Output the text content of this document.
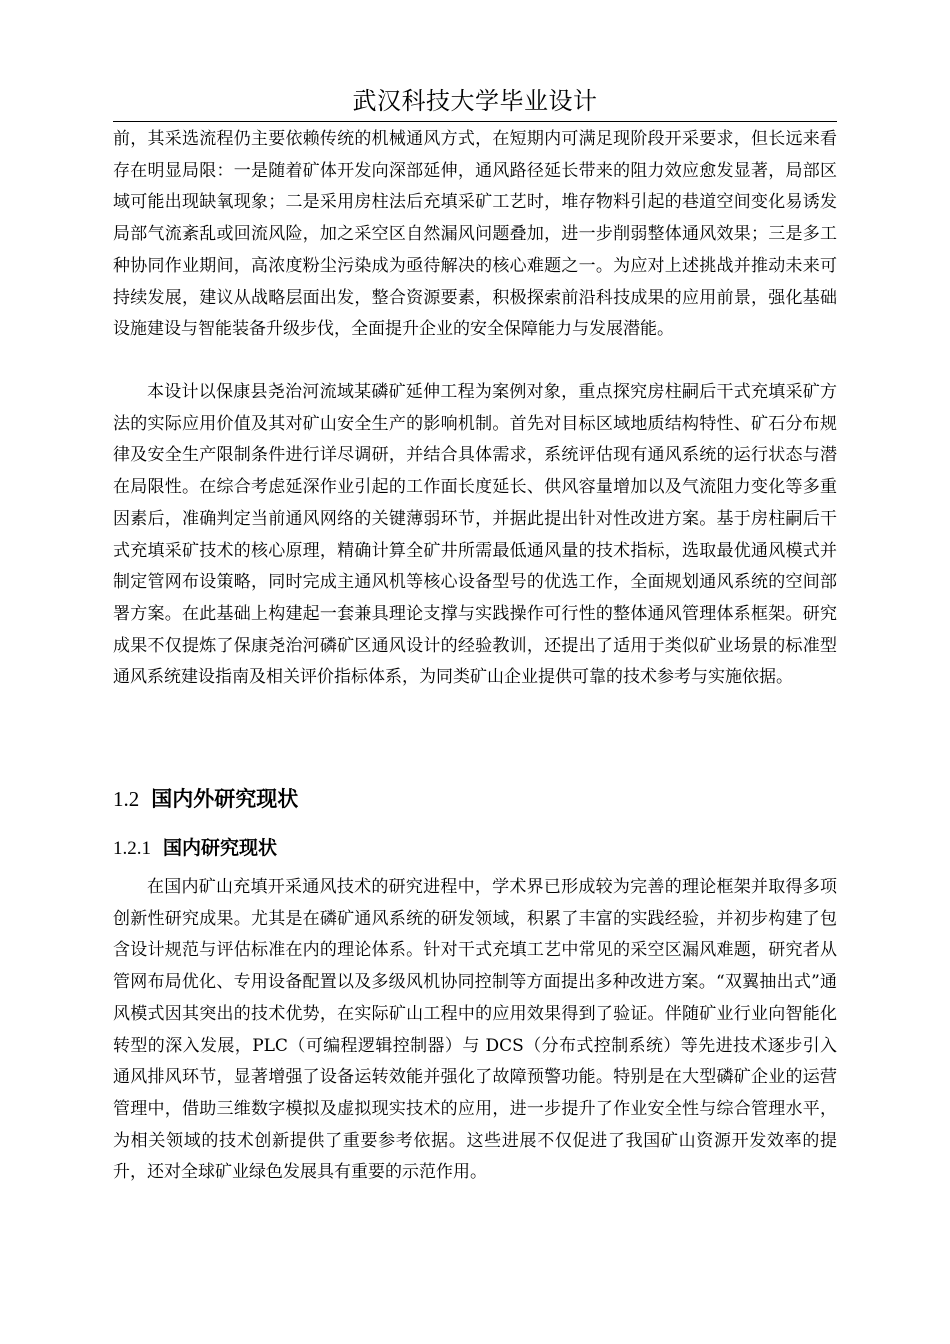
武汉科技大学毕业设计

前，其采选流程仍主要依赖传统的机械通风方式，在短期内可满足现阶段开采要求，但长远来看存在明显局限：一是随着矿体开发向深部延伸，通风路径延长带来的阻力效应愈发显著，局部区域可能出现缺氧现象；二是采用房柱法后充填采矿工艺时，堆存物料引起的巷道空间变化易诱发局部气流紊乱或回流风险，加之采空区自然漏风问题叠加，进一步削弱整体通风效果；三是多工种协同作业期间，高浓度粉尘污染成为亟待解决的核心难题之一。为应对上述挑战并推动未来可持续发展，建议从战略层面出发，整合资源要素，积极探索前沿科技成果的应用前景，强化基础设施建设与智能装备升级步伐，全面提升企业的安全保障能力与发展潜能。

本设计以保康县尧治河流域某磷矿延伸工程为案例对象，重点探究房柱嗣后干式充填采矿方法的实际应用价值及其对矿山安全生产的影响机制。首先对目标区域地质结构特性、矿石分布规律及安全生产限制条件进行详尽调研，并结合具体需求，系统评估现有通风系统的运行状态与潜在局限性。在综合考虑延深作业引起的工作面长度延长、供风容量增加以及气流阻力变化等多重因素后，准确判定当前通风网络的关键薄弱环节，并据此提出针对性改进方案。基于房柱嗣后干式充填采矿技术的核心原理，精确计算全矿井所需最低通风量的技术指标，选取最优通风模式并制定管网布设策略，同时完成主通风机等核心设备型号的优选工作，全面规划通风系统的空间部署方案。在此基础上构建起一套兼具理论支撑与实践操作可行性的整体通风管理体系框架。研究成果不仅提炼了保康尧治河磷矿区通风设计的经验教训，还提出了适用于类似矿业场景的标准型通风系统建设指南及相关评价指标体系，为同类矿山企业提供可靠的技术参考与实施依据。

1.2 国内外研究现状

1.2.1 国内研究现状

在国内矿山充填开采通风技术的研究进程中，学术界已形成较为完善的理论框架并取得多项创新性研究成果。尤其是在磷矿通风系统的研发领域，积累了丰富的实践经验，并初步构建了包含设计规范与评估标准在内的理论体系。针对干式充填工艺中常见的采空区漏风难题，研究者从管网布局优化、专用设备配置以及多级风机协同控制等方面提出多种改进方案。“双翼抽出式”通风模式因其突出的技术优势，在实际矿山工程中的应用效果得到了验证。伴随矿业行业向智能化转型的深入发展，PLC（可编程逻辑控制器）与 DCS（分布式控制系统）等先进技术逐步引入通风排风环节，显著增强了设备运转效能并强化了故障预警功能。特别是在大型磷矿企业的运营管理中，借助三维数字模拟及虚拟现实技术的应用，进一步提升了作业安全性与综合管理水平，为相关领域的技术创新提供了重要参考依据。这些进展不仅促进了我国矿山资源开发效率的提升，还对全球矿业绿色发展具有重要的示范作用。
